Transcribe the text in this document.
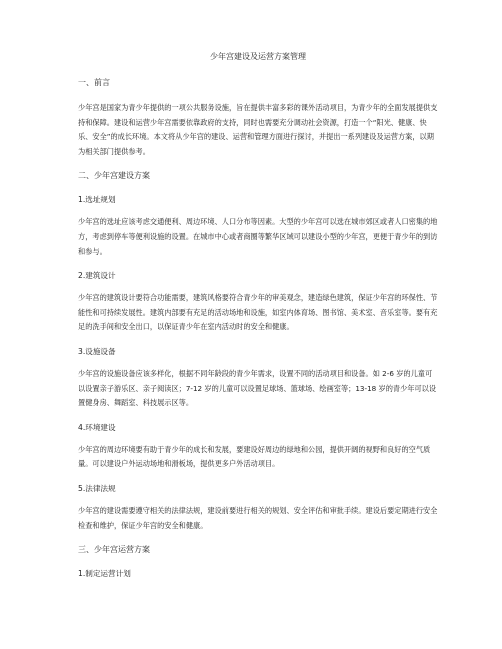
少年宫建设及运营方案管理
一、前言

少年宫是国家为青少年提供的一项公共服务设施，旨在提供丰富多彩的课外活动项目，为青少年的全面发展提供支持和保障。建设和运营少年宫需要依靠政府的支持，同时也需要充分调动社会资源，打造一个“阳光、健康、快乐、安全”的成长环境。本文将从少年宫的建设、运营和管理方面进行探讨，并提出一系列建设及运营方案，以期为相关部门提供参考。

二、少年宫建设方案
1.选址规划

少年宫的选址应该考虑交通便利、周边环境、人口分布等因素。大型的少年宫可以选在城市郊区或者人口密集的地方，考虑到停车等便利设施的设置。在城市中心或者商圈等繁华区域可以建设小型的少年宫，更便于青少年的到访和参与。

2.建筑设计

少年宫的建筑设计要符合功能需要，建筑风格要符合青少年的审美观念，建造绿色建筑，保证少年宫的环保性、节能性和可持续发展性。建筑内部要有充足的活动场地和设施，如室内体育场、图书馆、美术室、音乐室等。要有充足的洗手间和安全出口，以保证青少年在室内活动时的安全和健康。

3.设施设备

少年宫的设施设备应该多样化，根据不同年龄段的青少年需求，设置不同的活动项目和设备。如 2-6 岁的儿童可以设置亲子游乐区、亲子阅读区；7-12 岁的儿童可以设置足球场、篮球场、绘画室等；13-18 岁的青少年可以设置健身房、舞蹈室、科技展示区等。

4.环境建设

少年宫的周边环境要有助于青少年的成长和发展，要建设好周边的绿地和公园，提供开阔的视野和良好的空气质量。可以建设户外运动场地和滑板场，提供更多户外活动项目。

5.法律法规

少年宫的建设需要遵守相关的法律法规，建设前要进行相关的规划、安全评估和审批手续。建设后要定期进行安全检查和维护，保证少年宫的安全和健康。

三、少年宫运营方案
1.制定运营计划
